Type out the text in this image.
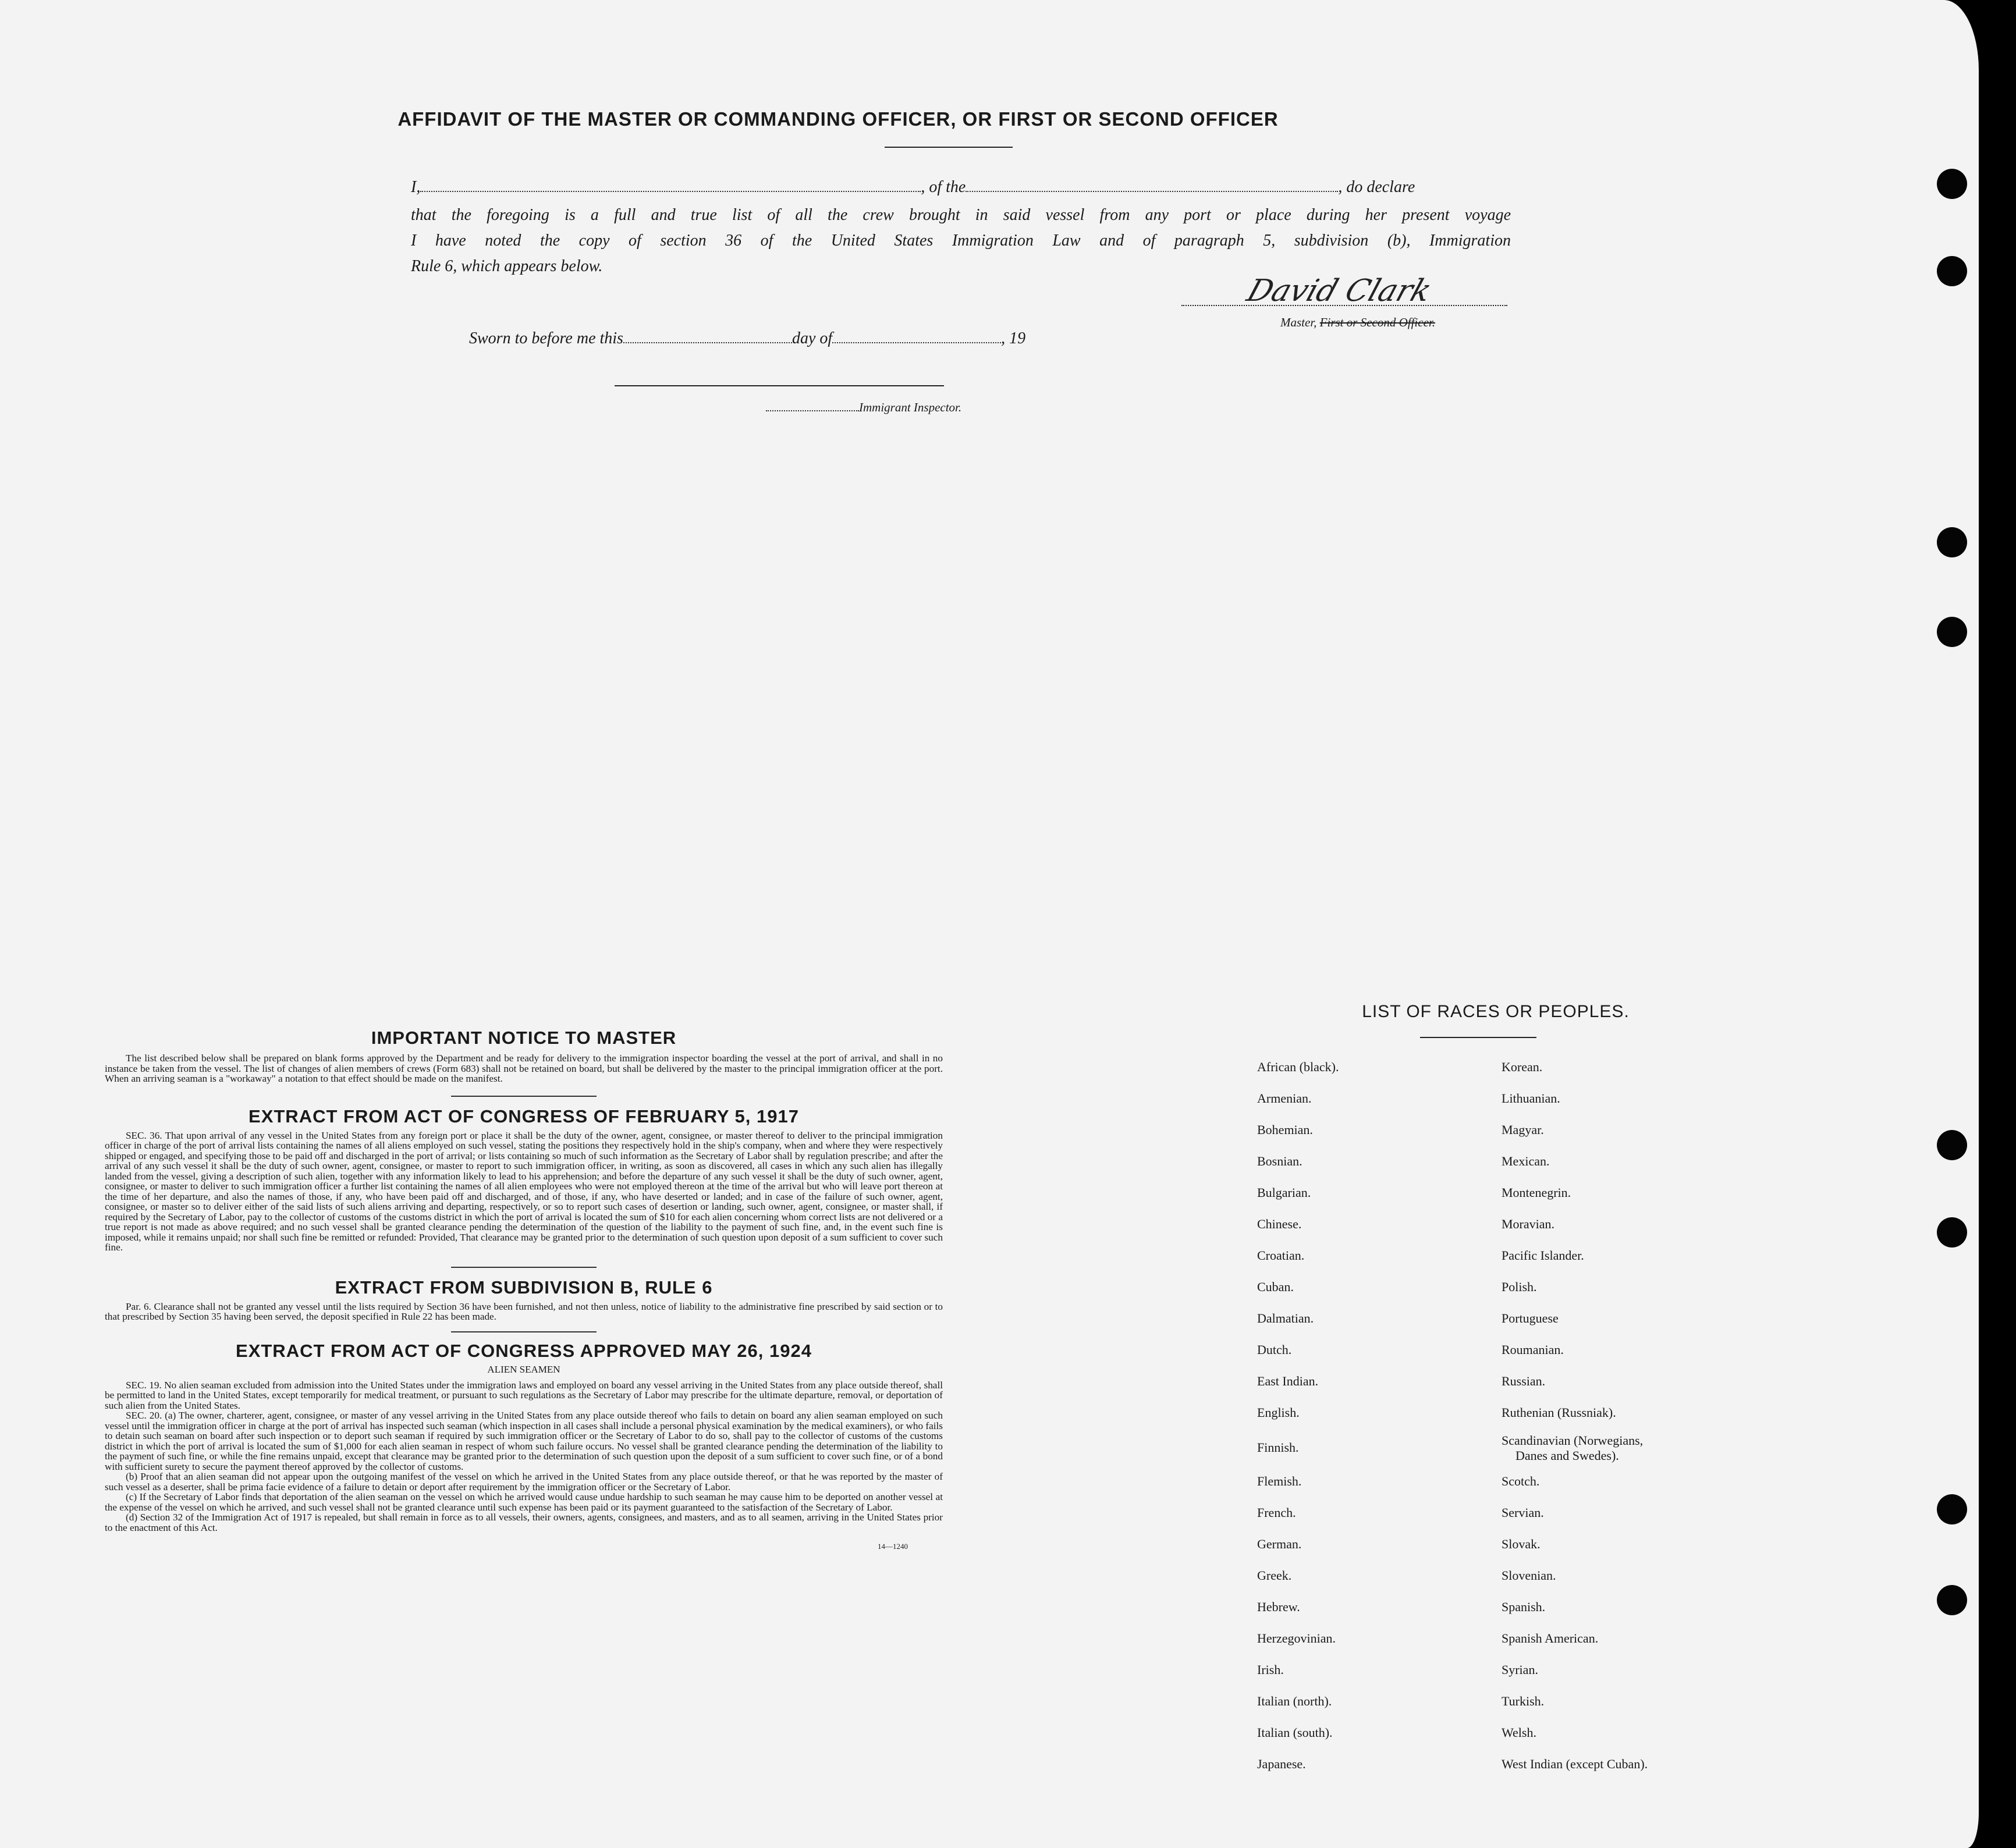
AFFIDAVIT OF THE MASTER OR COMMANDING OFFICER, OR FIRST OR SECOND OFFICER
I,	, of the	, do declare
that the foregoing is a full and true list of all the crew brought in said vessel from any port or place during her present voyage
I have noted the copy of section 36 of the United States Immigration Law and of paragraph 5, subdivision (b), Immigration
Rule 6, which appears below.
David Clark
Master, First or Second Officer.
Sworn to before me this	day of	, 19
Immigrant Inspector.
IMPORTANT NOTICE TO MASTER

The list described below shall be prepared on blank forms approved by the Department and be ready for delivery to the immigration inspector boarding the vessel at the port of arrival, and shall in no instance be taken from the vessel. The list of changes of alien members of crews (Form 683) shall not be retained on board, but shall be delivered by the master to the principal immigration officer at the port. When an arriving seaman is a "workaway" a notation to that effect should be made on the manifest.

EXTRACT FROM ACT OF CONGRESS OF FEBRUARY 5, 1917

SEC. 36. That upon arrival of any vessel in the United States from any foreign port or place it shall be the duty of the owner, agent, consignee, or master thereof to deliver to the principal immigration officer in charge of the port of arrival lists containing the names of all aliens employed on such vessel, stating the positions they respectively hold in the ship's company, when and where they were respectively shipped or engaged, and specifying those to be paid off and discharged in the port of arrival; or lists containing so much of such information as the Secretary of Labor shall by regulation prescribe; and after the arrival of any such vessel it shall be the duty of such owner, agent, consignee, or master to report to such immigration officer, in writing, as soon as discovered, all cases in which any such alien has illegally landed from the vessel, giving a description of such alien, together with any information likely to lead to his apprehension; and before the departure of any such vessel it shall be the duty of such owner, agent, consignee, or master to deliver to such immigration officer a further list containing the names of all alien employees who were not employed thereon at the time of the arrival but who will leave port thereon at the time of her departure, and also the names of those, if any, who have been paid off and discharged, and of those, if any, who have deserted or landed; and in case of the failure of such owner, agent, consignee, or master so to deliver either of the said lists of such aliens arriving and departing, respectively, or so to report such cases of desertion or landing, such owner, agent, consignee, or master shall, if required by the Secretary of Labor, pay to the collector of customs of the customs district in which the port of arrival is located the sum of $10 for each alien concerning whom correct lists are not delivered or a true report is not made as above required; and no such vessel shall be granted clearance pending the determination of the question of the liability to the payment of such fine, and, in the event such fine is imposed, while it remains unpaid; nor shall such fine be remitted or refunded: Provided, That clearance may be granted prior to the determination of such question upon deposit of a sum sufficient to cover such fine.

EXTRACT FROM SUBDIVISION B, RULE 6

Par. 6. Clearance shall not be granted any vessel until the lists required by Section 36 have been furnished, and not then unless, notice of liability to the administrative fine prescribed by said section or to that prescribed by Section 35 having been served, the deposit specified in Rule 22 has been made.

EXTRACT FROM ACT OF CONGRESS APPROVED MAY 26, 1924
ALIEN SEAMEN

SEC. 19. No alien seaman excluded from admission into the United States under the immigration laws and employed on board any vessel arriving in the United States from any place outside thereof, shall be permitted to land in the United States, except temporarily for medical treatment, or pursuant to such regulations as the Secretary of Labor may prescribe for the ultimate departure, removal, or deportation of such alien from the United States.

SEC. 20. (a) The owner, charterer, agent, consignee, or master of any vessel arriving in the United States from any place outside thereof who fails to detain on board any alien seaman employed on such vessel until the immigration officer in charge at the port of arrival has inspected such seaman (which inspection in all cases shall include a personal physical examination by the medical examiners), or who fails to detain such seaman on board after such inspection or to deport such seaman if required by such immigration officer or the Secretary of Labor to do so, shall pay to the collector of customs of the customs district in which the port of arrival is located the sum of $1,000 for each alien seaman in respect of whom such failure occurs. No vessel shall be granted clearance pending the determination of the liability to the payment of such fine, or while the fine remains unpaid, except that clearance may be granted prior to the determination of such question upon the deposit of a sum sufficient to cover such fine, or of a bond with sufficient surety to secure the payment thereof approved by the collector of customs.

(b) Proof that an alien seaman did not appear upon the outgoing manifest of the vessel on which he arrived in the United States from any place outside thereof, or that he was reported by the master of such vessel as a deserter, shall be prima facie evidence of a failure to detain or deport after requirement by the immigration officer or the Secretary of Labor.

(c) If the Secretary of Labor finds that deportation of the alien seaman on the vessel on which he arrived would cause undue hardship to such seaman he may cause him to be deported on another vessel at the expense of the vessel on which he arrived, and such vessel shall not be granted clearance until such expense has been paid or its payment guaranteed to the satisfaction of the Secretary of Labor.

(d) Section 32 of the Immigration Act of 1917 is repealed, but shall remain in force as to all vessels, their owners, agents, consignees, and masters, and as to all seamen, arriving in the United States prior to the enactment of this Act.

14—1240
LIST OF RACES OR PEOPLES.
African (black).
Armenian.
Bohemian.
Bosnian.
Bulgarian.
Chinese.
Croatian.
Cuban.
Dalmatian.
Dutch.
East Indian.
English.
Finnish.
Flemish.
French.
German.
Greek.
Hebrew.
Herzegovinian.
Irish.
Italian (north).
Italian (south).
Japanese.
Korean.
Lithuanian.
Magyar.
Mexican.
Montenegrin.
Moravian.
Pacific Islander.
Polish.
Portuguese
Roumanian.
Russian.
Ruthenian (Russniak).
Scandinavian (Norwegians,
Danes and Swedes).
Scotch.
Servian.
Slovak.
Slovenian.
Spanish.
Spanish American.
Syrian.
Turkish.
Welsh.
West Indian (except Cuban).
